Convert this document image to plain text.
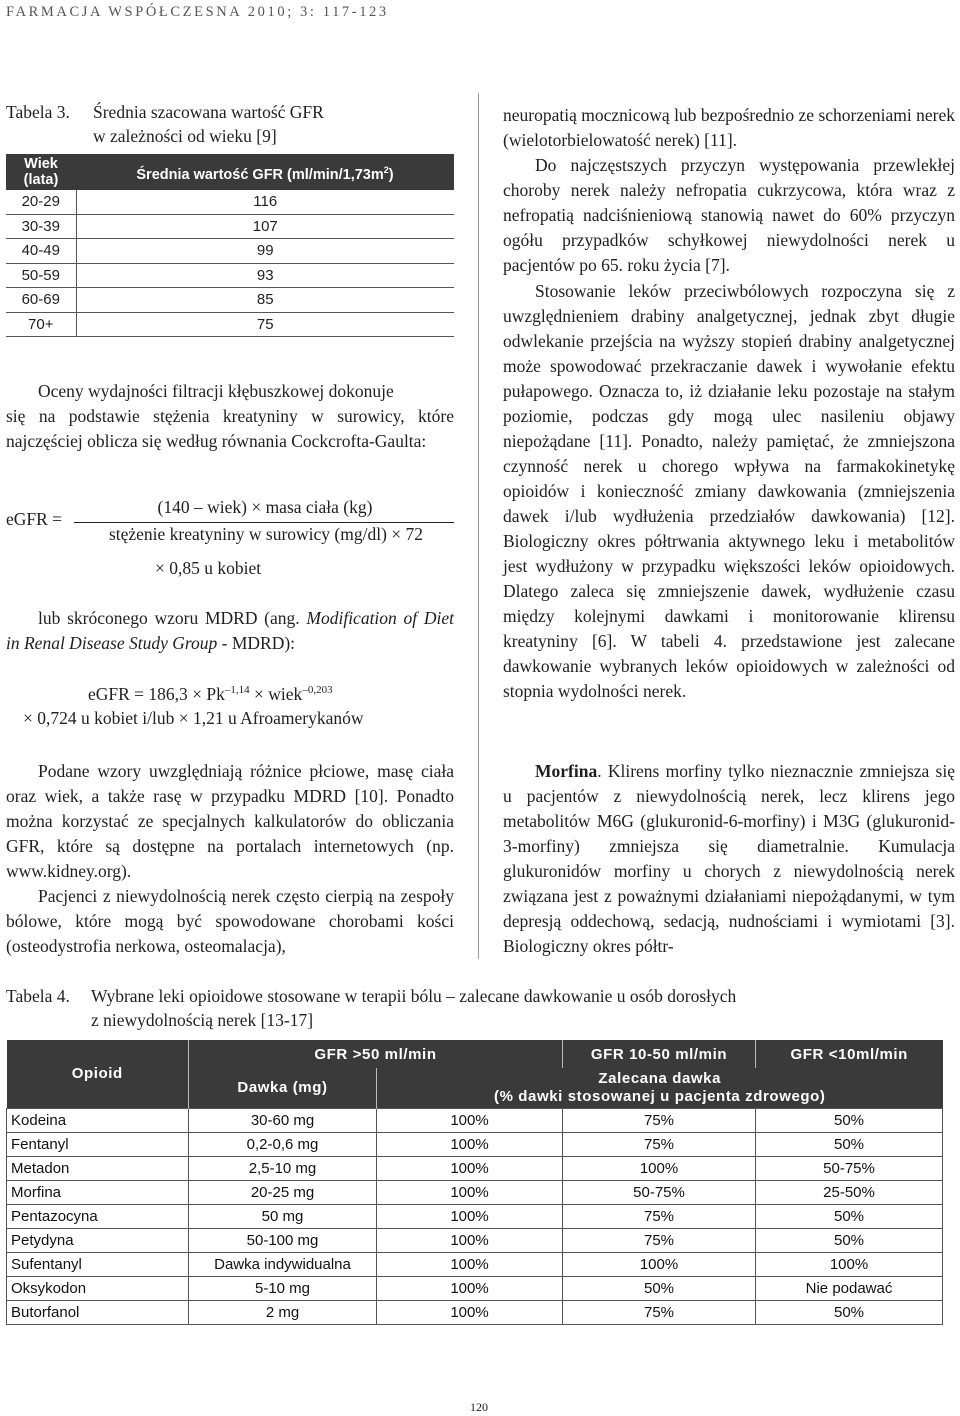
FARMACJA WSPÓŁCZESNA 2010; 3: 117-123
Tabela 3.	Średnia szacowana wartość GFR
w zależności od wieku [9]
Wiek
(lata)	Średnia wartość GFR $(ml/\min/1,73m^2)$
20-29	116
30-39	107
40-49	99
50-59	93
60-69	85
70+	75
Oceny wydajności filtracji kłębuszkowej dokonuje
się na podstawie stężenia kreatyniny w surowicy, które najczęściej oblicza się według równania Cockcrofta-Gaulta:
eGFR =
(140 – wiek) × masa ciała (kg)
stężenie kreatyniny w surowicy (mg/dl) × 72
× 0,85 u kobiet
lub skróconego wzoru MDRD (ang. Modification of Diet in Renal Disease Study Group - MDRD):
eGFR = $186,3 \times Pk^{-1,14}$ × wiek$^{-0,203}$
× 0,724 u kobiet i/lub × 1,21 u Afroamerykanów
Podane wzory uwzględniają różnice płciowe, masę ciała oraz wiek, a także rasę w przypadku MDRD [10]. Ponadto można korzystać ze specjalnych kalkulatorów do obliczania GFR, które są dostępne na portalach internetowych (np. www.kidney.org).
Pacjenci z niewydolnością nerek często cierpią na zespoły bólowe, które mogą być spowodowane chorobami kości (osteodystrofia nerkowa, osteomalacja),
neuropatią mocznicową lub bezpośrednio ze schorzeniami nerek (wielotorbielowatość nerek) [11].
Do najczęstszych przyczyn występowania przewlekłej choroby nerek należy nefropatia cukrzycowa, która wraz z nefropatią nadciśnieniową stanowią nawet do 60% przyczyn ogółu przypadków schyłkowej niewydolności nerek u pacjentów po 65. roku życia [7].
Stosowanie leków przeciwbólowych rozpoczyna się z uwzględnieniem drabiny analgetycznej, jednak zbyt długie odwlekanie przejścia na wyższy stopień drabiny analgetycznej może spowodować przekraczanie dawek i wywołanie efektu pułapowego. Oznacza to, iż działanie leku pozostaje na stałym poziomie, podczas gdy mogą ulec nasileniu objawy niepożądane [11]. Ponadto, należy pamiętać, że zmniejszona czynność nerek u chorego wpływa na farmakokinetykę opioidów i konieczność zmiany dawkowania (zmniejszenia dawek i/lub wydłużenia przedziałów dawkowania) [12]. Biologiczny okres półtrwania aktywnego leku i metabolitów jest wydłużony w przypadku większości leków opioidowych. Dlatego zaleca się zmniejszenie dawek, wydłużenie czasu między kolejnymi dawkami i monitorowanie klirensu kreatyniny [6]. W tabeli 4. przedstawione jest zalecane dawkowanie wybranych leków opioidowych w zależności od stopnia wydolności nerek.
Morfina. Klirens morfiny tylko nieznacznie zmniejsza się u pacjentów z niewydolnością nerek, lecz klirens jego metabolitów M6G (glukuronid-6-morfiny) i M3G (glukuronid-3-morfiny) zmniejsza się diametralnie. Kumulacja glukuronidów morfiny u chorych z niewydolnością nerek związana jest z poważnymi działaniami niepożądanymi, w tym depresją oddechową, sedacją, nudnościami i wymiotami [3]. Biologiczny okres półtr-
Tabela 4. Wybrane leki opioidowe stosowane w terapii bólu – zalecane dawkowanie u osób dorosłych
z niewydolnością nerek [13-17]
Opioid	GFR >50 ml/min		GFR 10-50 ml/min	GFR <10ml/min
	Dawka (mg)	Zalecana dawka
(% dawki stosowanej u pacjenta zdrowego)		
Kodeina	30-60 mg	100%	75%	50%
Fentanyl	0,2-0,6 mg	100%	75%	50%
Metadon	2,5-10 mg	100%	100%	50-75%
Morfina	20-25 mg	100%	50-75%	25-50%
Pentazocyna	50 mg	100%	75%	50%
Petydyna	50-100 mg	100%	75%	50%
Sufentanyl	Dawka indywidualna	100%	100%	100%
Oksykodon	5-10 mg	100%	50%	Nie podawać
Butorfanol	2 mg	100%	75%	50%
120
